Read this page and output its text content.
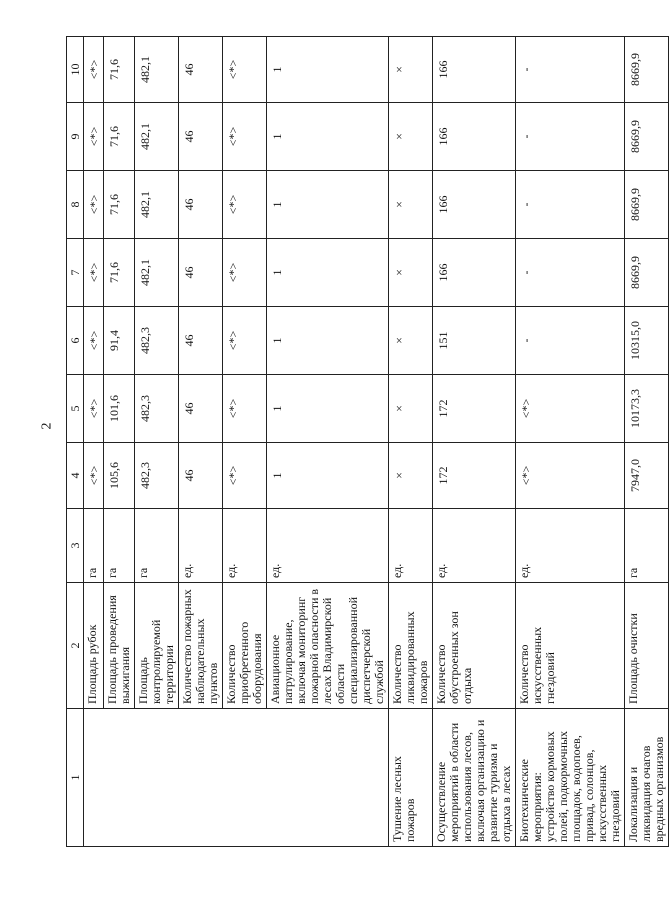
2
1	2	3	4	5	6	7	8	9	10
	Площадь рубок	га	<*>	<*>	<*>	<*>	<*>	<*>	<*>
	Площадь проведения выжигания	га	105,6	101,6	91,4	71,6	71,6	71,6	71,6
	Площадь контролируемой территории	га	482,3	482,3	482,3	482,1	482,1	482,1	482,1
	Количество пожарных наблюдательных пунктов	ед.	46	46	46	46	46	46	46
	Количество приобретенного оборудования	ед.	<*>	<*>	<*>	<*>	<*>	<*>	<*>
	Авиационное патрулирование, включая мониторинг пожарной опасности в лесах Владимирской области специализированной диспетчерской службой	ед.	1	1	1	1	1	1	1
Тушение лесных пожаров	Количество ликвидированных пожаров	ед.	×	×	×	×	×	×	×
Осуществление мероприятий в области использования лесов, включая организацию и развитие туризма и отдыха в лесах	Количество обустроенных зон отдыха	ед.	172	172	151	166	166	166	166
Биотехнические мероприятия: устройство кормовых полей, подкормочных площадок, водопоев, привад, солонцов, искусственных гнездовий	Количество искусственных гнездовий	ед.	<*>	<*>	-	-	-	-	-
Локализация и ликвидация очагов вредных организмов	Площадь очистки	га	7947,0	10173,3	10315,0	8669,9	8669,9	8669,9	8669,9
